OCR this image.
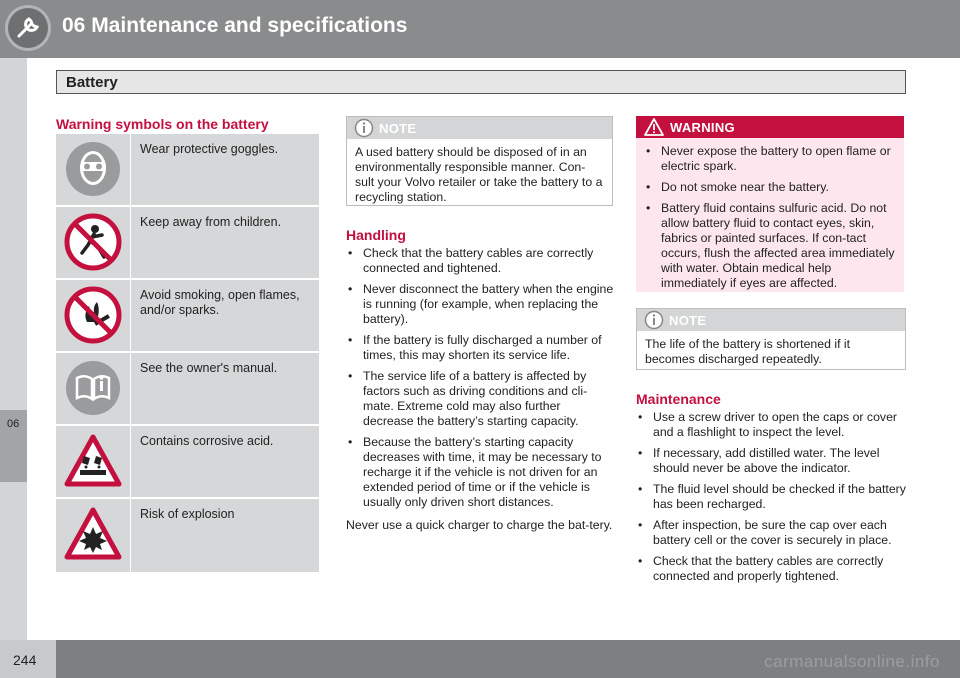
06 Maintenance and specifications
06
Battery
Warning symbols on the battery
Wear protective goggles.
Keep away from children.
Avoid smoking, open flames, and/or sparks.
See the owner's manual.
Contains corrosive acid.
Risk of explosion
NOTE
A used battery should be disposed of in an environmentally responsible manner. Con-sult your Volvo retailer or take the battery to a recycling station.
Handling
• Check that the battery cables are correctly connected and tightened.
• Never disconnect the battery when the engine is running (for example, when replacing the battery).
• If the battery is fully discharged a number of times, this may shorten its service life.
• The service life of a battery is affected by factors such as driving conditions and cli-mate. Extreme cold may also further decrease the battery’s starting capacity.
• Because the battery’s starting capacity decreases with time, it may be necessary to recharge it if the vehicle is not driven for an extended period of time or if the vehicle is usually only driven short distances.
Never use a quick charger to charge the bat-tery.
WARNING
• Never expose the battery to open flame or electric spark.
• Do not smoke near the battery.
• Battery fluid contains sulfuric acid. Do not allow battery fluid to contact eyes, skin, fabrics or painted surfaces. If con-tact occurs, flush the affected area immediately with water. Obtain medical help immediately if eyes are affected.
NOTE
The life of the battery is shortened if it becomes discharged repeatedly.
Maintenance
• Use a screw driver to open the caps or cover and a flashlight to inspect the level.
• If necessary, add distilled water. The level should never be above the indicator.
• The fluid level should be checked if the battery has been recharged.
• After inspection, be sure the cap over each battery cell or the cover is securely in place.
• Check that the battery cables are correctly connected and properly tightened.
244	carmanualsonline.info
